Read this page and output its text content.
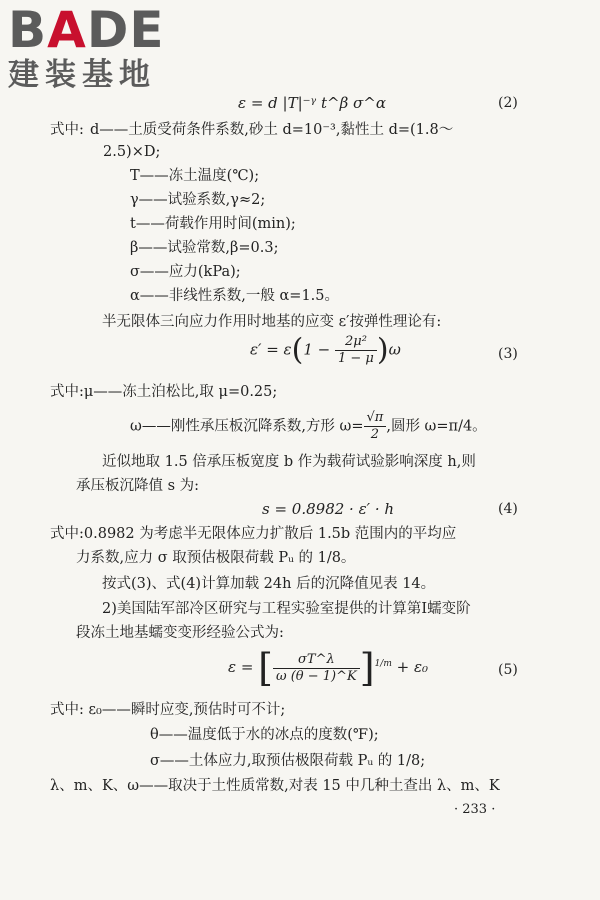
BADE
建装基地
ε = d |T|⁻ᵞ t^β σ^α	(2)
式中: d——土质受荷条件系数,砂土 d=10⁻³,黏性土 d=(1.8～
2.5)×D;
T——冻土温度(℃);
γ——试验系数,γ≈2;
t——荷载作用时间(min);
β——试验常数,β=0.3;
σ——应力(kPa);
α——非线性系数,一般 α=1.5。
半无限体三向应力作用时地基的应变 ε′按弹性理论有:
$\varepsilon' = \varepsilon(1 - \frac{\text{2μ²}}{1 - \mu} )\omega$	(3)
式中:μ——冻土泊松比,取 μ=0.25;
ω——刚性承压板沉降系数,方形 $\omega= \frac{√\pi}{2}$ ,圆形 ω=π/4。
近似地取 1.5 倍承压板宽度 b 作为载荷试验影响深度 h,则
承压板沉降值 s 为:
s = 0.8982 · ε′ · h	(4)
式中:0.8982 为考虑半无限体应力扩散后 1.5b 范围内的平均应
力系数,应力 σ 取预估极限荷载 Pᵤ 的 1/8。
按式(3)、式(4)计算加载 24h 后的沉降值见表 14。
2)美国陆军部冷区研究与工程实验室提供的计算第Ⅰ蠕变阶
段冻土地基蠕变变形经验公式为:
ε = [ $\frac{\sigma T\^{}\lambda}{\omega (\theta - 1)\^{}K} ]^{1/m} + \varepsilon_0$	(5)
式中: ε₀——瞬时应变,预估时可不计;
θ——温度低于水的冰点的度数(℉);
σ——土体应力,取预估极限荷载 Pᵤ 的 1/8;
λ、m、K、ω——取决于土性质常数,对表 15 中几种土查出 λ、m、K
· 233 ·
